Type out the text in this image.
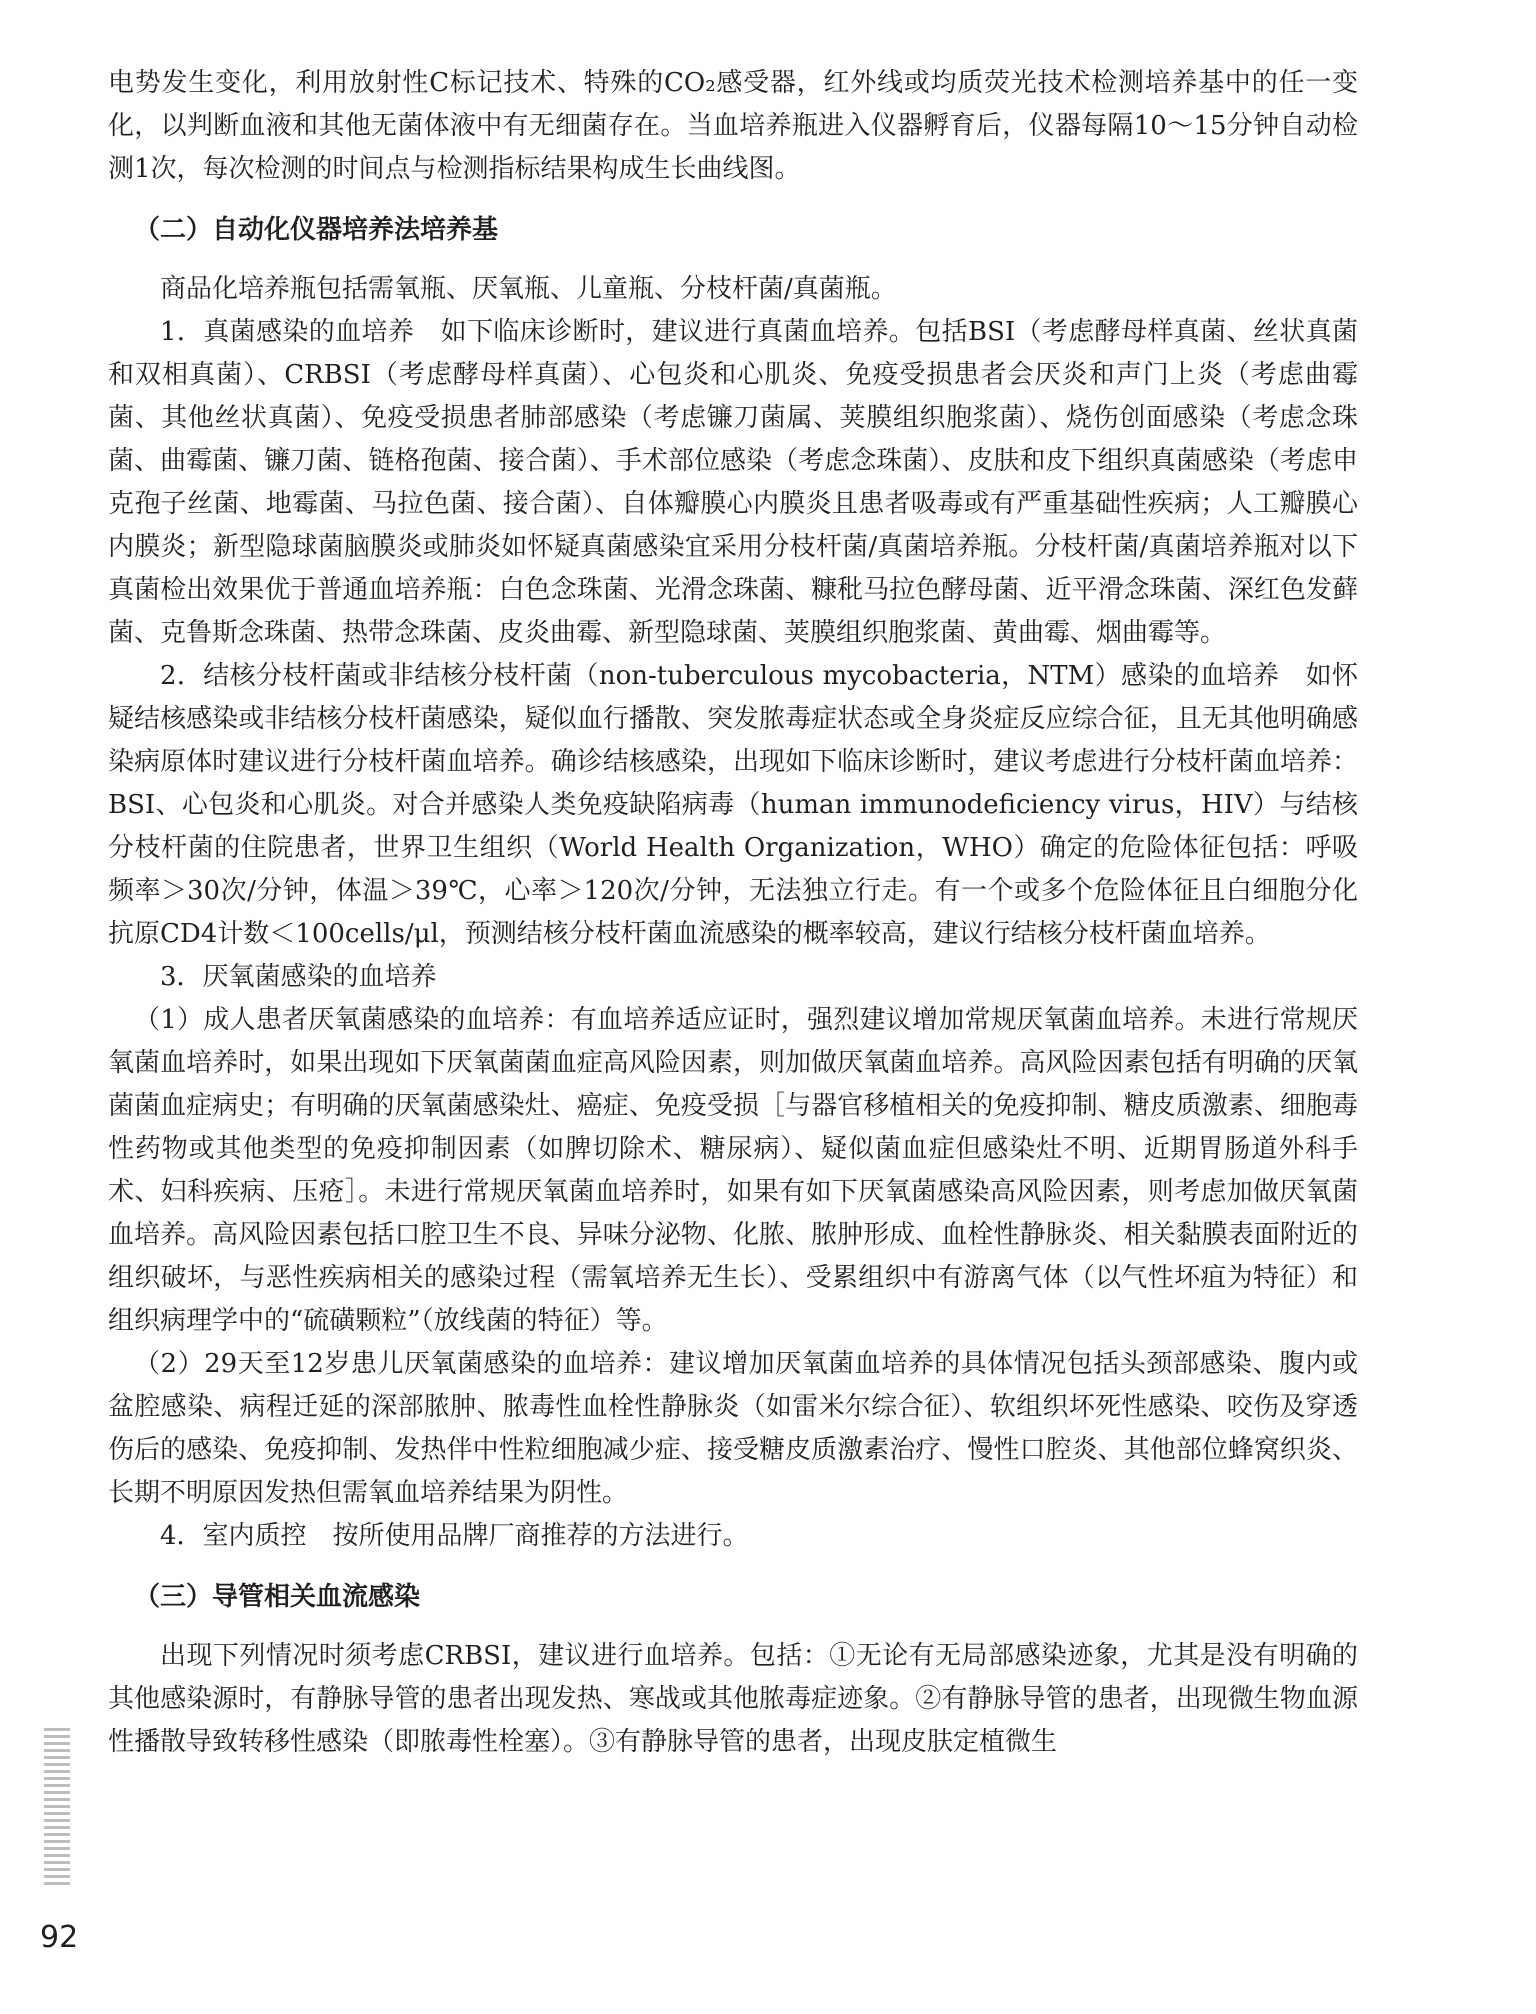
电势发生变化，利用放射性C标记技术、特殊的CO₂感受器，红外线或均质荧光技术检测培养基中的任一变化，以判断血液和其他无菌体液中有无细菌存在。当血培养瓶进入仪器孵育后，仪器每隔10～15分钟自动检测1次，每次检测的时间点与检测指标结果构成生长曲线图。

（二）自动化仪器培养法培养基

商品化培养瓶包括需氧瓶、厌氧瓶、儿童瓶、分枝杆菌/真菌瓶。

1．真菌感染的血培养　如下临床诊断时，建议进行真菌血培养。包括BSI（考虑酵母样真菌、丝状真菌和双相真菌）、CRBSI（考虑酵母样真菌）、心包炎和心肌炎、免疫受损患者会厌炎和声门上炎（考虑曲霉菌、其他丝状真菌）、免疫受损患者肺部感染（考虑镰刀菌属、荚膜组织胞浆菌）、烧伤创面感染（考虑念珠菌、曲霉菌、镰刀菌、链格孢菌、接合菌）、手术部位感染（考虑念珠菌）、皮肤和皮下组织真菌感染（考虑申克孢子丝菌、地霉菌、马拉色菌、接合菌）、自体瓣膜心内膜炎且患者吸毒或有严重基础性疾病；人工瓣膜心内膜炎；新型隐球菌脑膜炎或肺炎如怀疑真菌感染宜采用分枝杆菌/真菌培养瓶。分枝杆菌/真菌培养瓶对以下真菌检出效果优于普通血培养瓶：白色念珠菌、光滑念珠菌、糠秕马拉色酵母菌、近平滑念珠菌、深红色发藓菌、克鲁斯念珠菌、热带念珠菌、皮炎曲霉、新型隐球菌、荚膜组织胞浆菌、黄曲霉、烟曲霉等。

2．结核分枝杆菌或非结核分枝杆菌（non-tuberculous mycobacteria，NTM）感染的血培养　如怀疑结核感染或非结核分枝杆菌感染，疑似血行播散、突发脓毒症状态或全身炎症反应综合征，且无其他明确感染病原体时建议进行分枝杆菌血培养。确诊结核感染，出现如下临床诊断时，建议考虑进行分枝杆菌血培养：BSI、心包炎和心肌炎。对合并感染人类免疫缺陷病毒（human immunodeficiency virus，HIV）与结核分枝杆菌的住院患者，世界卫生组织（World Health Organization，WHO）确定的危险体征包括：呼吸频率＞30次/分钟，体温＞39℃，心率＞120次/分钟，无法独立行走。有一个或多个危险体征且白细胞分化抗原CD4计数＜100cells/μl，预测结核分枝杆菌血流感染的概率较高，建议行结核分枝杆菌血培养。

3．厌氧菌感染的血培养

（1）成人患者厌氧菌感染的血培养：有血培养适应证时，强烈建议增加常规厌氧菌血培养。未进行常规厌氧菌血培养时，如果出现如下厌氧菌菌血症高风险因素，则加做厌氧菌血培养。高风险因素包括有明确的厌氧菌菌血症病史；有明确的厌氧菌感染灶、癌症、免疫受损［与器官移植相关的免疫抑制、糖皮质激素、细胞毒性药物或其他类型的免疫抑制因素（如脾切除术、糖尿病）、疑似菌血症但感染灶不明、近期胃肠道外科手术、妇科疾病、压疮］。未进行常规厌氧菌血培养时，如果有如下厌氧菌感染高风险因素，则考虑加做厌氧菌血培养。高风险因素包括口腔卫生不良、异味分泌物、化脓、脓肿形成、血栓性静脉炎、相关黏膜表面附近的组织破坏，与恶性疾病相关的感染过程（需氧培养无生长）、受累组织中有游离气体（以气性坏疽为特征）和组织病理学中的“硫磺颗粒”（放线菌的特征）等。

（2）29天至12岁患儿厌氧菌感染的血培养：建议增加厌氧菌血培养的具体情况包括头颈部感染、腹内或盆腔感染、病程迁延的深部脓肿、脓毒性血栓性静脉炎（如雷米尔综合征）、软组织坏死性感染、咬伤及穿透伤后的感染、免疫抑制、发热伴中性粒细胞减少症、接受糖皮质激素治疗、慢性口腔炎、其他部位蜂窝织炎、长期不明原因发热但需氧血培养结果为阴性。

4．室内质控　按所使用品牌厂商推荐的方法进行。

（三）导管相关血流感染

出现下列情况时须考虑CRBSI，建议进行血培养。包括：①无论有无局部感染迹象，尤其是没有明确的其他感染源时，有静脉导管的患者出现发热、寒战或其他脓毒症迹象。②有静脉导管的患者，出现微生物血源性播散导致转移性感染（即脓毒性栓塞）。③有静脉导管的患者，出现皮肤定植微生

92
